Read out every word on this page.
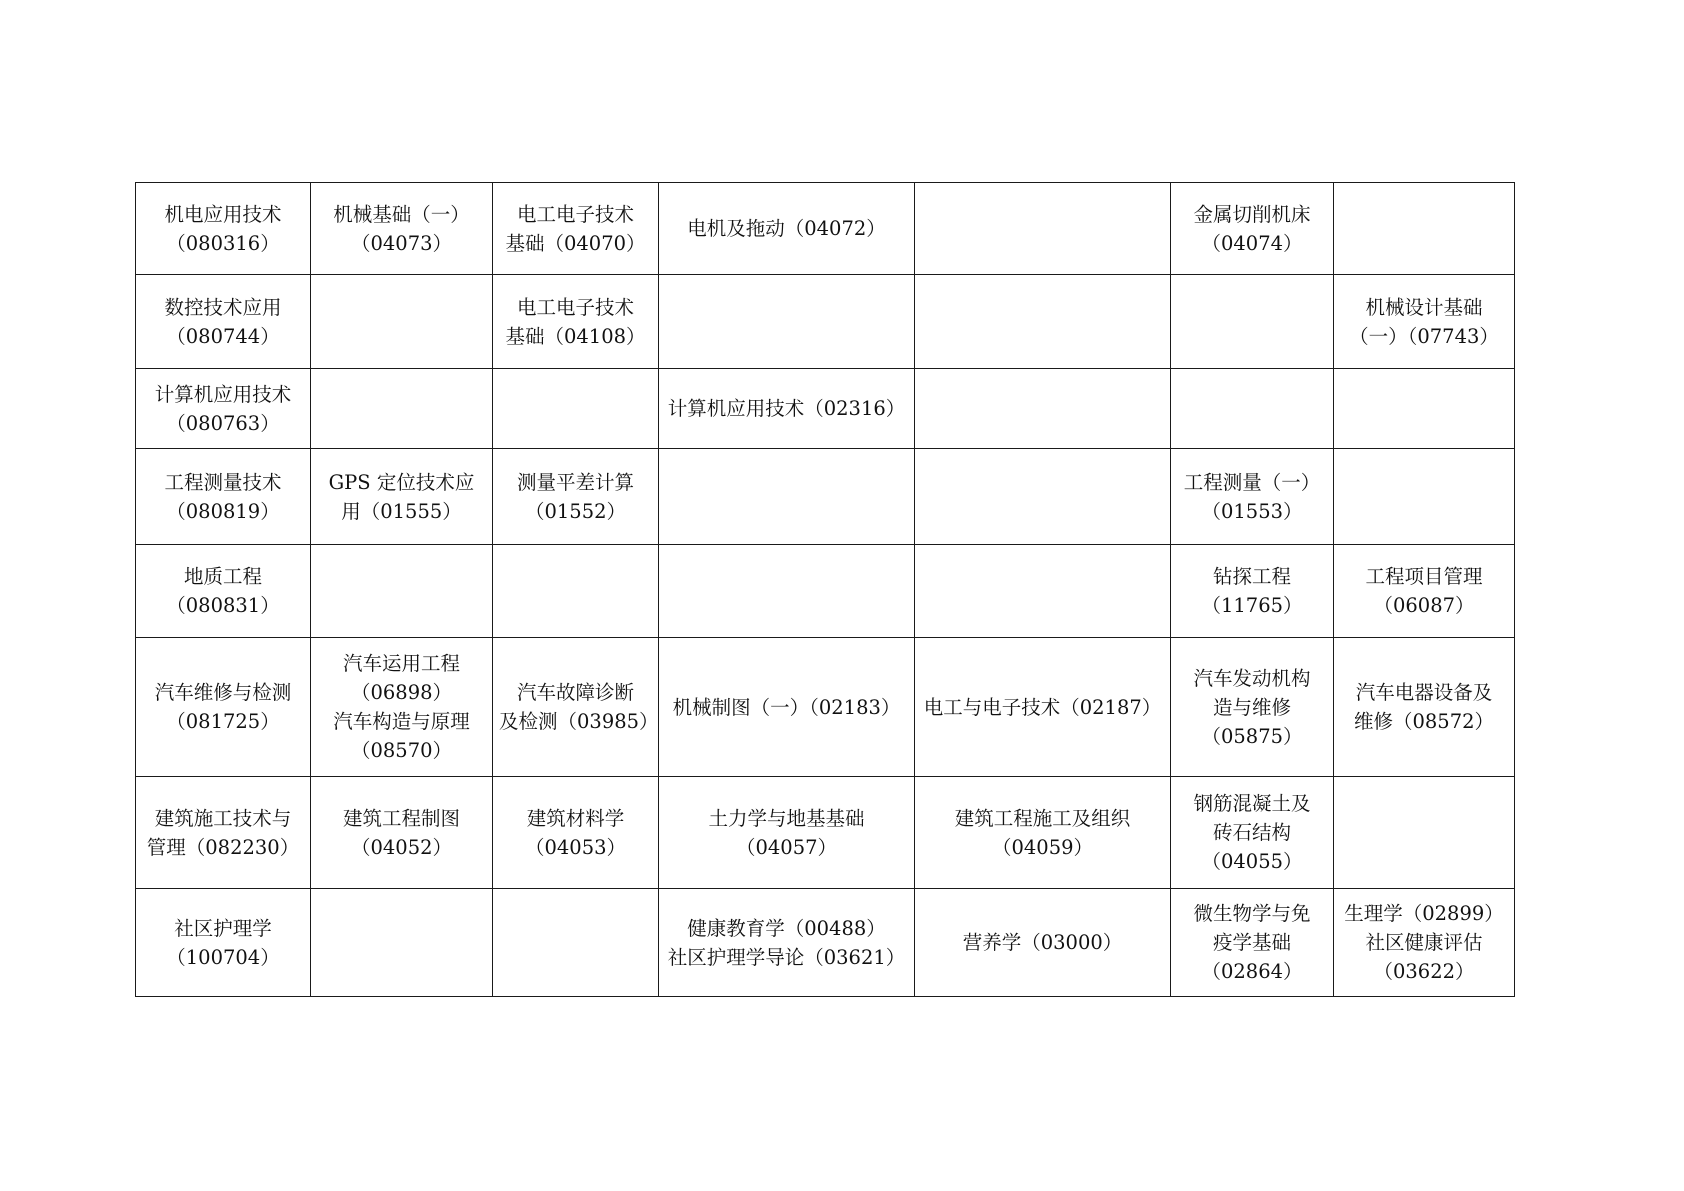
机电应用技术
（080316）	机械基础（一）
（04073）	电工电子技术
基础（04070）	电机及拖动（04072）		金属切削机床
（04074）	

数控技术应用
（080744）		电工电子技术
基础（04108）				机械设计基础
（一）（07743）

计算机应用技术
（080763）			计算机应用技术（02316）			

工程测量技术
（080819）	GPS 定位技术应
用（01555）	测量平差计算
（01552）			工程测量（一）
（01553）	

地质工程
（080831）					钻探工程
（11765）	工程项目管理
（06087）

汽车维修与检测
（081725）	汽车运用工程
（06898）
汽车构造与原理
（08570）	汽车故障诊断
及检测（03985）	机械制图（一）（02183）	电工与电子技术（02187）	汽车发动机构
造与维修
（05875）	汽车电器设备及
维修（08572）

建筑施工技术与
管理（082230）	建筑工程制图
（04052）	建筑材料学
（04053）	土力学与地基基础
（04057）	建筑工程施工及组织
（04059）	钢筋混凝土及
砖石结构
（04055）	

社区护理学
（100704）			健康教育学（00488）
社区护理学导论（03621）	营养学（03000）	微生物学与免
疫学基础
（02864）	生理学（02899）
社区健康评估
（03622）
